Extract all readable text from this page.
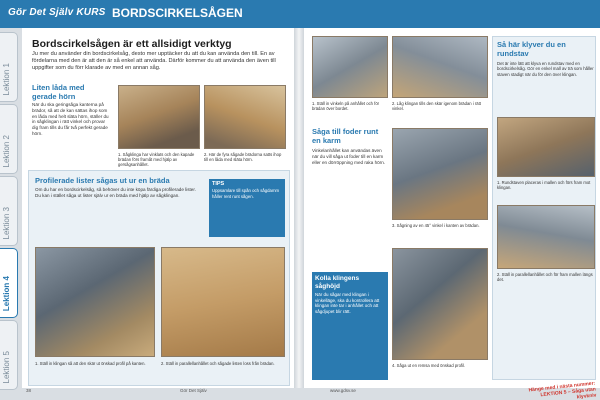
Gör Det Själv KURS BORDSCIRKELSÅGEN
Lektion 1
Lektion 2
Lektion 3
Lektion 4
Lektion 5
Bordscirkelsågen är ett allsidigt verktyg
Ju mer du använder din bordscirkelsåg, desto mer upptäcker du att du kan använda den till. En av fördelarna med den är att den är så enkel att använda. Därför kommer du att använda den även till uppgifter som du förr klarade av med en annan såg.
Liten låda med gerade hörn
När du ska geringsåga kanterna på brädor, så att de kan sättas ihop som en låda med helt släta hörn, ställer du in sågklingan i rätt vinkel och provar dig fram tills du får två perfekt gerade hörn.
1. Sågklinga har vinklats och den kapade brädan förs framåt med hjälp av gersågsanhållet.
2. Här de fyra sågade brädorna satts ihop till en låda med släta hörn.
Profilerade lister sågas ut ur en bräda
Om du har en bordscirkelsåg, så behöver du inte köpa färdiga profilerade lister. Du kan i stället såga ut lister själv ur en bräda med hjälp av sågklingan.
TIPS
Uppsamlare till spån och sågdamm håller rent runt sågen.
1. Ställ in klingan så att den skär ut önskad profil på kanten.	2. Ställ in parallellanhållet och sågade listen loss från brädan.
1. Ställ in vinkeln på anhållet och för brädan över bordet.
2. Låg klingan tills den skär igenom brädan i rätt vinkel.
Såga till foder runt en karm
Vinkelanhållet kan användas även när du vill såga ut foder till en karm eller en dörröppning med raka hörn.
3. Sågning av en 45° vinkel i kanten av brädan.
Kolla klingens såghöjd
När du sågar med klingan i vinkelläge, ska du kontrollera att klingan inte tar i anhållet och att sågdjupet blir rätt.
4. Såga ut en remsa med önskad profil.
Så här klyver du en rundstav
Det är inte lätt att klyva en rundstav med en bordscirkelsåg. Gör en enkel mall av trä som håller staven stadigt när du för den över klingan.
1. Rundstaven placeras i mallen och förs fram mot klingan.
2. Ställ in parallellanhållet och för fram mallen längs det.
38	Gör Det Själv	www.gdsv.se	Hänge med i nästa nummer: LEKTION 5 – Såga utan klyvkniv
